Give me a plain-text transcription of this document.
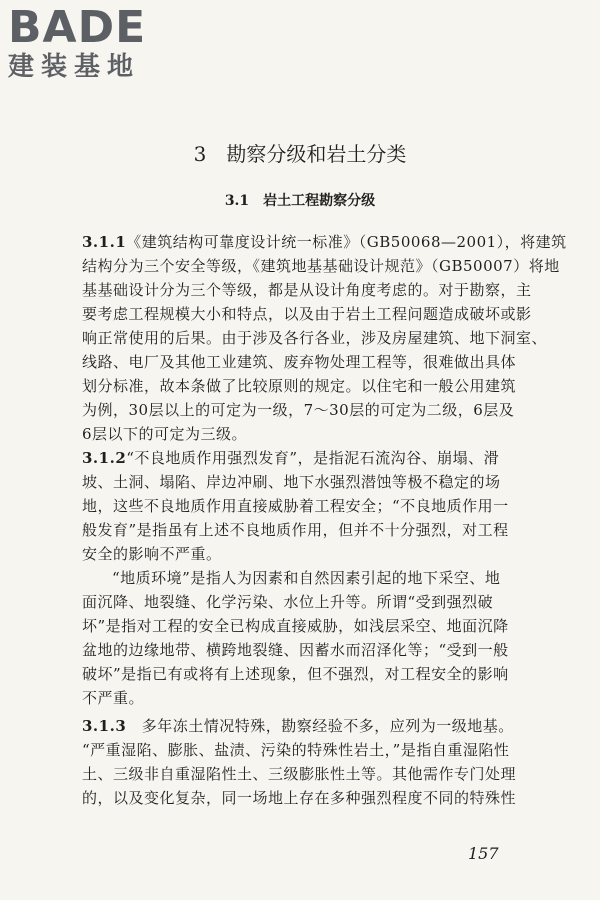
BADE
建装基地
3　勘察分级和岩土分类
3.1　岩土工程勘察分级
3.1.1《建筑结构可靠度设计统一标准》（GB50068—2001），将建筑
结构分为三个安全等级，《建筑地基基础设计规范》（GB50007）将地
基基础设计分为三个等级，都是从设计角度考虑的。对于勘察，主
要考虑工程规模大小和特点，以及由于岩土工程问题造成破坏或影
响正常使用的后果。由于涉及各行各业，涉及房屋建筑、地下洞室、
线路、电厂及其他工业建筑、废弃物处理工程等，很难做出具体
划分标准，故本条做了比较原则的规定。以住宅和一般公用建筑
为例，30层以上的可定为一级，7～30层的可定为二级，6层及
6层以下的可定为三级。
3.1.2“不良地质作用强烈发育”，是指泥石流沟谷、崩塌、滑
坡、土洞、塌陷、岸边冲刷、地下水强烈潜蚀等极不稳定的场
地，这些不良地质作用直接威胁着工程安全；“不良地质作用一
般发育”是指虽有上述不良地质作用，但并不十分强烈，对工程
安全的影响不严重。
“地质环境”是指人为因素和自然因素引起的地下采空、地
面沉降、地裂缝、化学污染、水位上升等。所谓“受到强烈破
坏”是指对工程的安全已构成直接威胁，如浅层采空、地面沉降
盆地的边缘地带、横跨地裂缝、因蓄水而沼泽化等；“受到一般
破坏”是指已有或将有上述现象，但不强烈，对工程安全的影响
不严重。
3.1.3　多年冻土情况特殊，勘察经验不多，应列为一级地基。
“严重湿陷、膨胀、盐渍、污染的特殊性岩土，”是指自重湿陷性
土、三级非自重湿陷性土、三级膨胀性土等。其他需作专门处理
的，以及变化复杂，同一场地上存在多种强烈程度不同的特殊性
157
